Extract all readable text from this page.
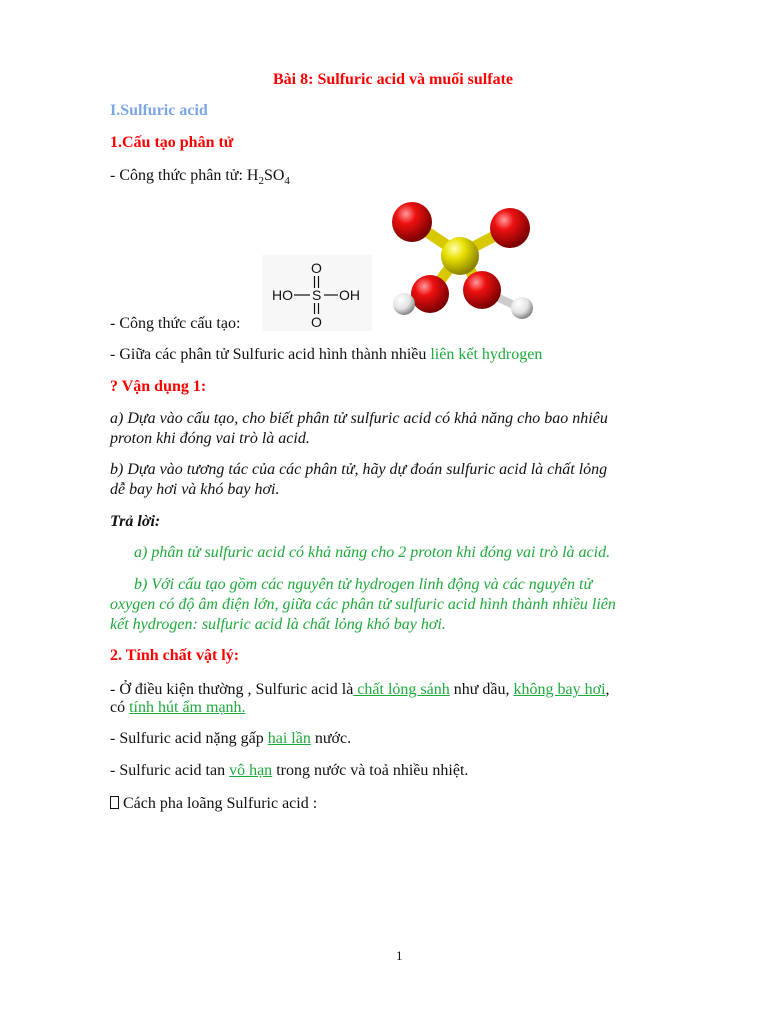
Bài 8: Sulfuric acid và muối sulfate
I.Sulfuric acid
1.Cấu tạo phân tử
- Công thức phân tử: $H_2SO_4$
O
HO S OH
O
- Công thức cấu tạo:
- Giữa các phân tử Sulfuric acid hình thành nhiều liên kết hydrogen
? Vận dụng 1:
a) Dựa vào cấu tạo, cho biết phân tử sulfuric acid có khả năng cho bao nhiêu
proton khi đóng vai trò là acid.
b) Dựa vào tương tác của các phân tử, hãy dự đoán sulfuric acid là chất lỏng
dễ bay hơi và khó bay hơi.
Trả lời:
a) phân tử sulfuric acid có khả năng cho 2 proton khi đóng vai trò là acid.
b) Với cấu tạo gồm các nguyên tử hydrogen linh động và các nguyên tử
oxygen có độ âm điện lớn, giữa các phân tử sulfuric acid hình thành nhiều liên
kết hydrogen: sulfuric acid là chất lỏng khó bay hơi.
2. Tính chất vật lý:
- Ở điều kiện thường , Sulfuric acid là chất lỏng sánh như dầu, không bay hơi,
có tính hút ẩm mạnh.
- Sulfuric acid nặng gấp hai lần nước.
- Sulfuric acid tan vô hạn trong nước và toả nhiều nhiệt.
Cách pha loãng Sulfuric acid :
1
